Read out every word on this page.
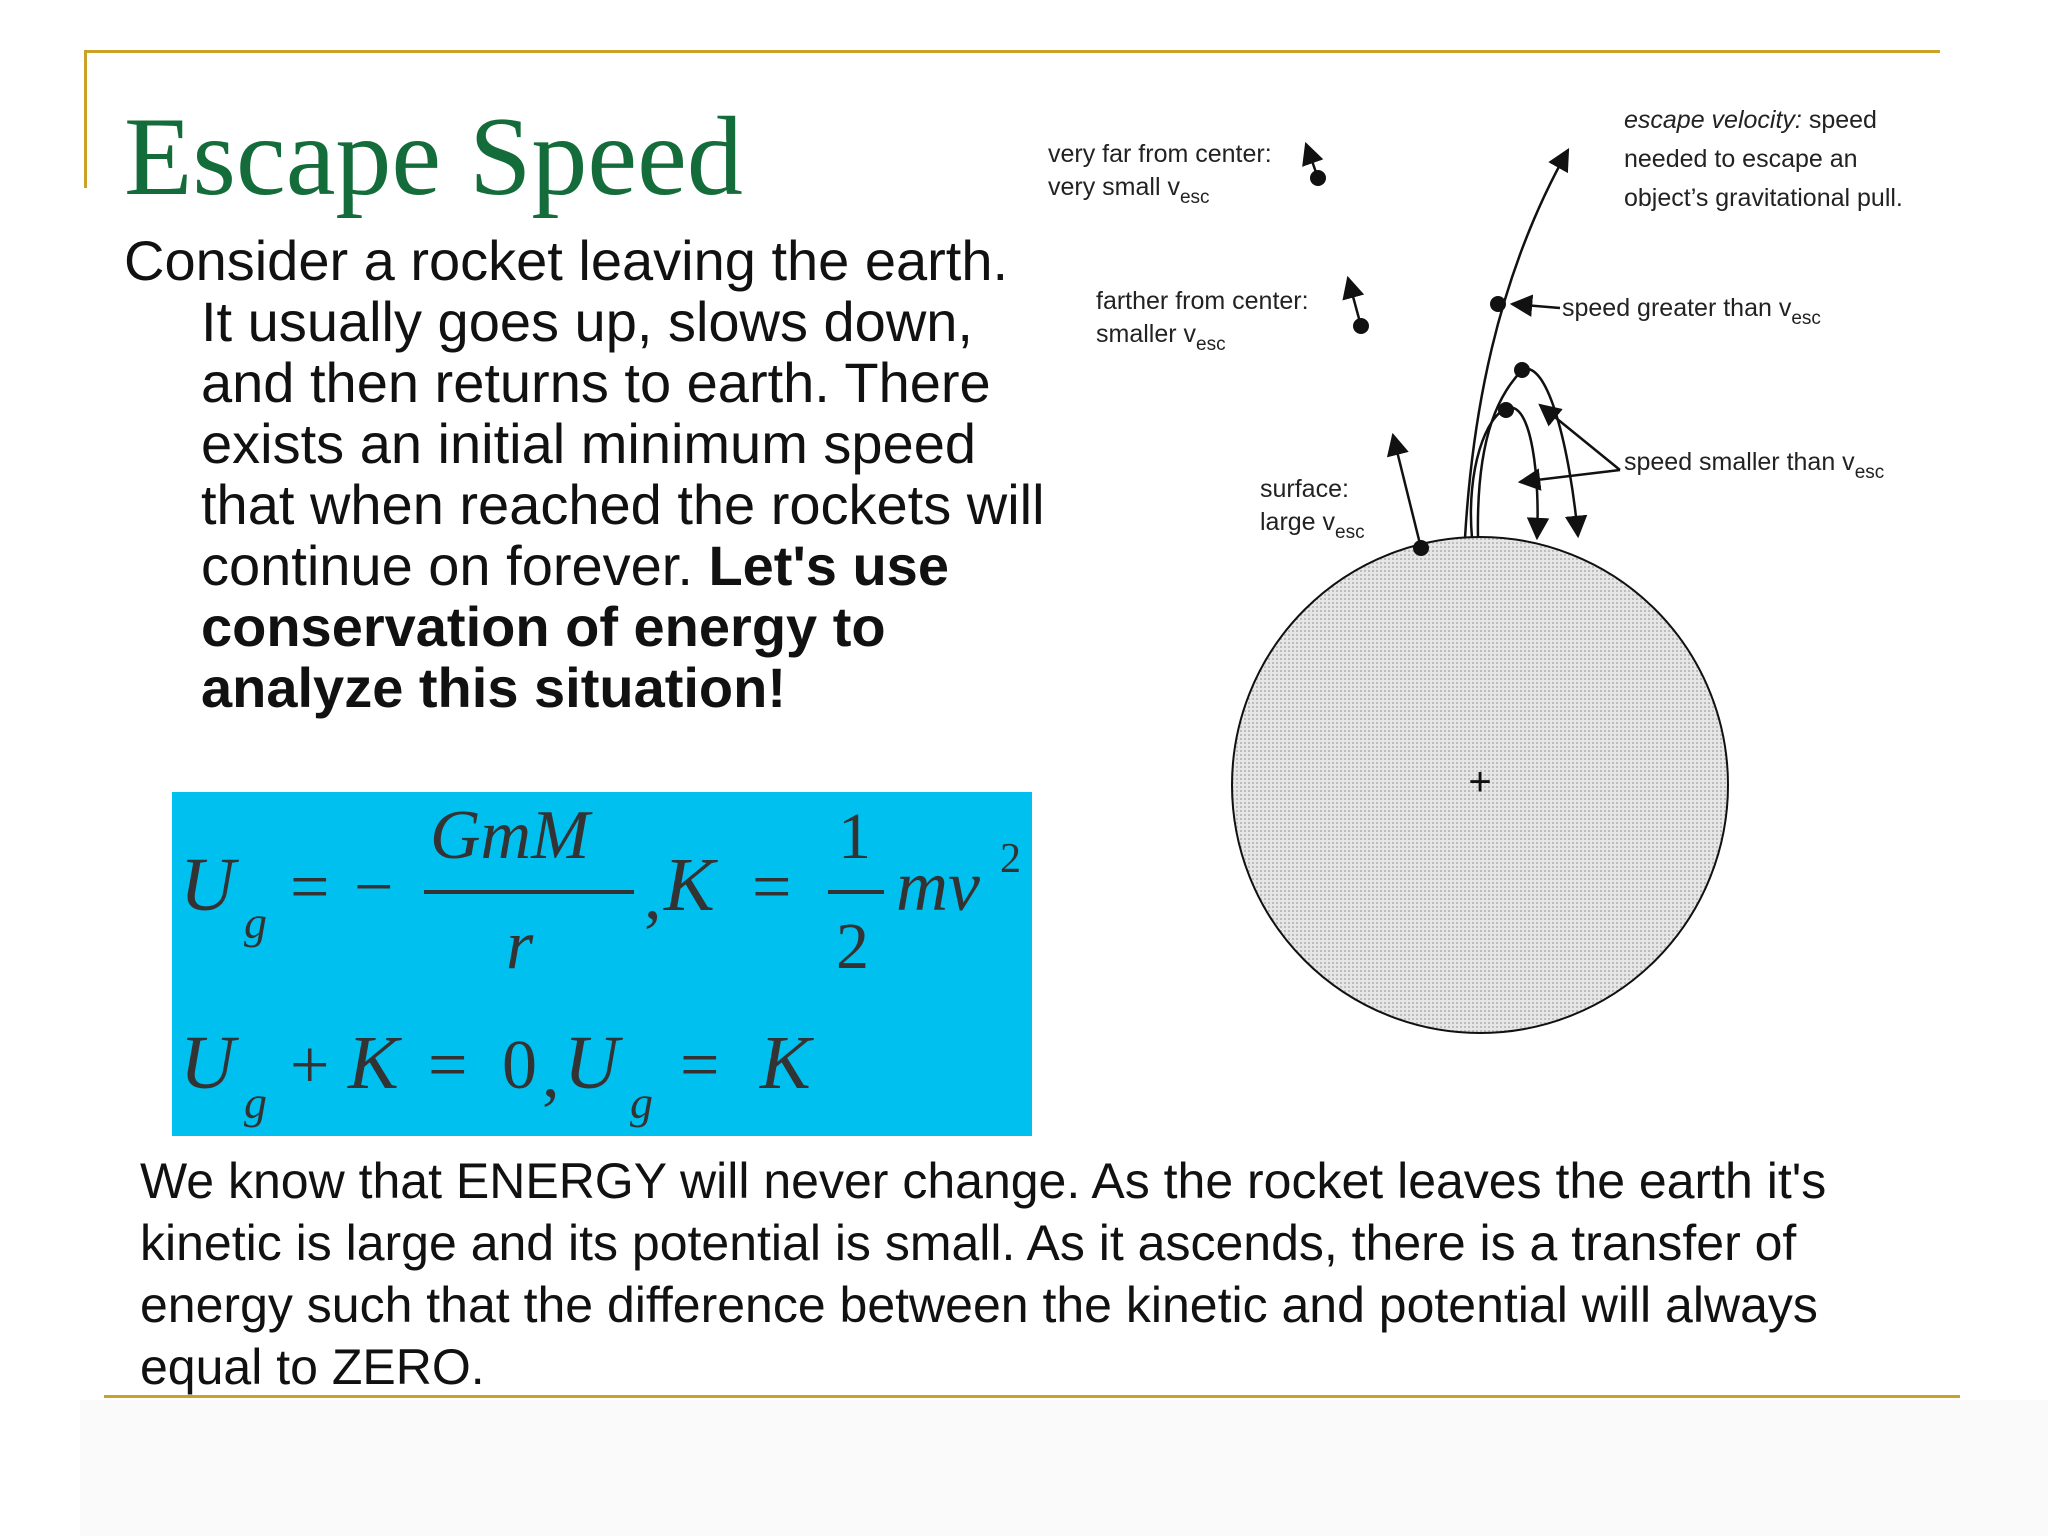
Escape Speed

Consider a rocket leaving the earth. It usually goes up, slows down, and then returns to earth. There exists an initial minimum speed that when reached the rockets will continue on forever. Let's use conservation of energy to analyze this situation!

U g = −
GmM
r
, K =
1
2
mv 2
U g + K = 0 , U g = K
+
surface:
large $v_{esc}$
farther from center:
smaller $v_{esc}$
very far from center:
very small $v_{esc}$
speed greater than $v_{esc}$
speed smaller than $v_{esc}$
escape velocity: speed
needed to escape an
object’s gravitational pull.
We know that ENERGY will never change. As the rocket leaves the earth it's kinetic is large and its potential is small. As it ascends, there is a transfer of energy such that the difference between the kinetic and potential will always equal to ZERO.
